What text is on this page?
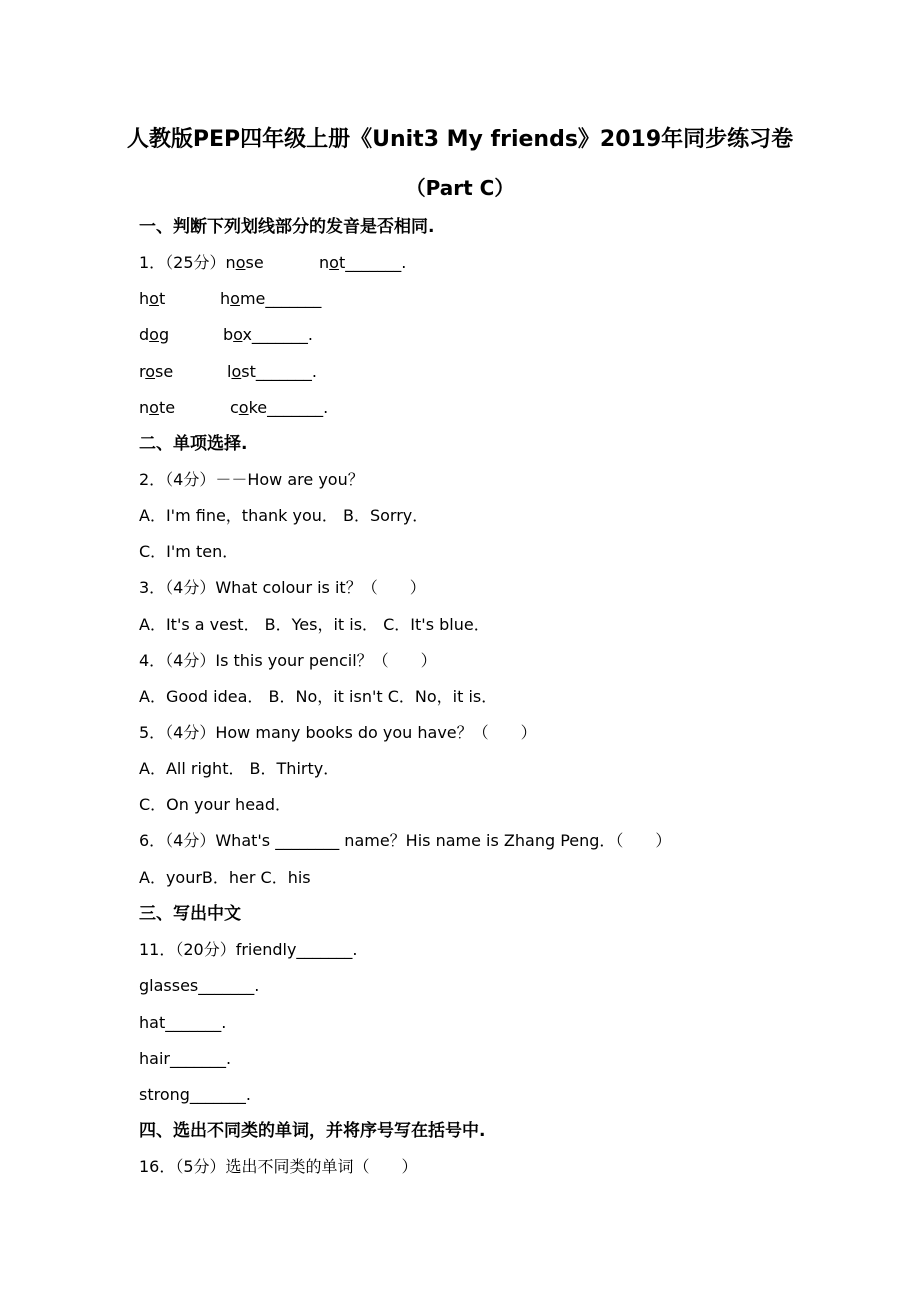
人教版PEP四年级上册《Unit3 My friends》2019年同步练习卷
（Part C）
一、判断下列划线部分的发音是否相同.
1．（25分）nose	not_______.
hot	home_______
dog	box_______.
rose	lost_______.
note	coke_______.
二、单项选择.
2．（4分）－－How are you？
A．I'm fine，thank you． B．Sorry．
C．I'm ten．
3．（4分）What colour is it？（　　）
A．It's a vest． B．Yes，it is． C．It's blue．
4．（4分）Is this your pencil？（　　）
A．Good idea． B．No，it isn't C．No，it is．
5．（4分）How many books do you have？（　　）
A．All right． B．Thirty．
C．On your head．
6．（4分）What's ________ name？His name is Zhang Peng．（　　）
A．yourB．her C．his
三、写出中文
11．（20分）friendly_______.
glasses_______.
hat_______.
hair_______.
strong_______.
四、选出不同类的单词，并将序号写在括号中.
16．（5分）选出不同类的单词（　　）
